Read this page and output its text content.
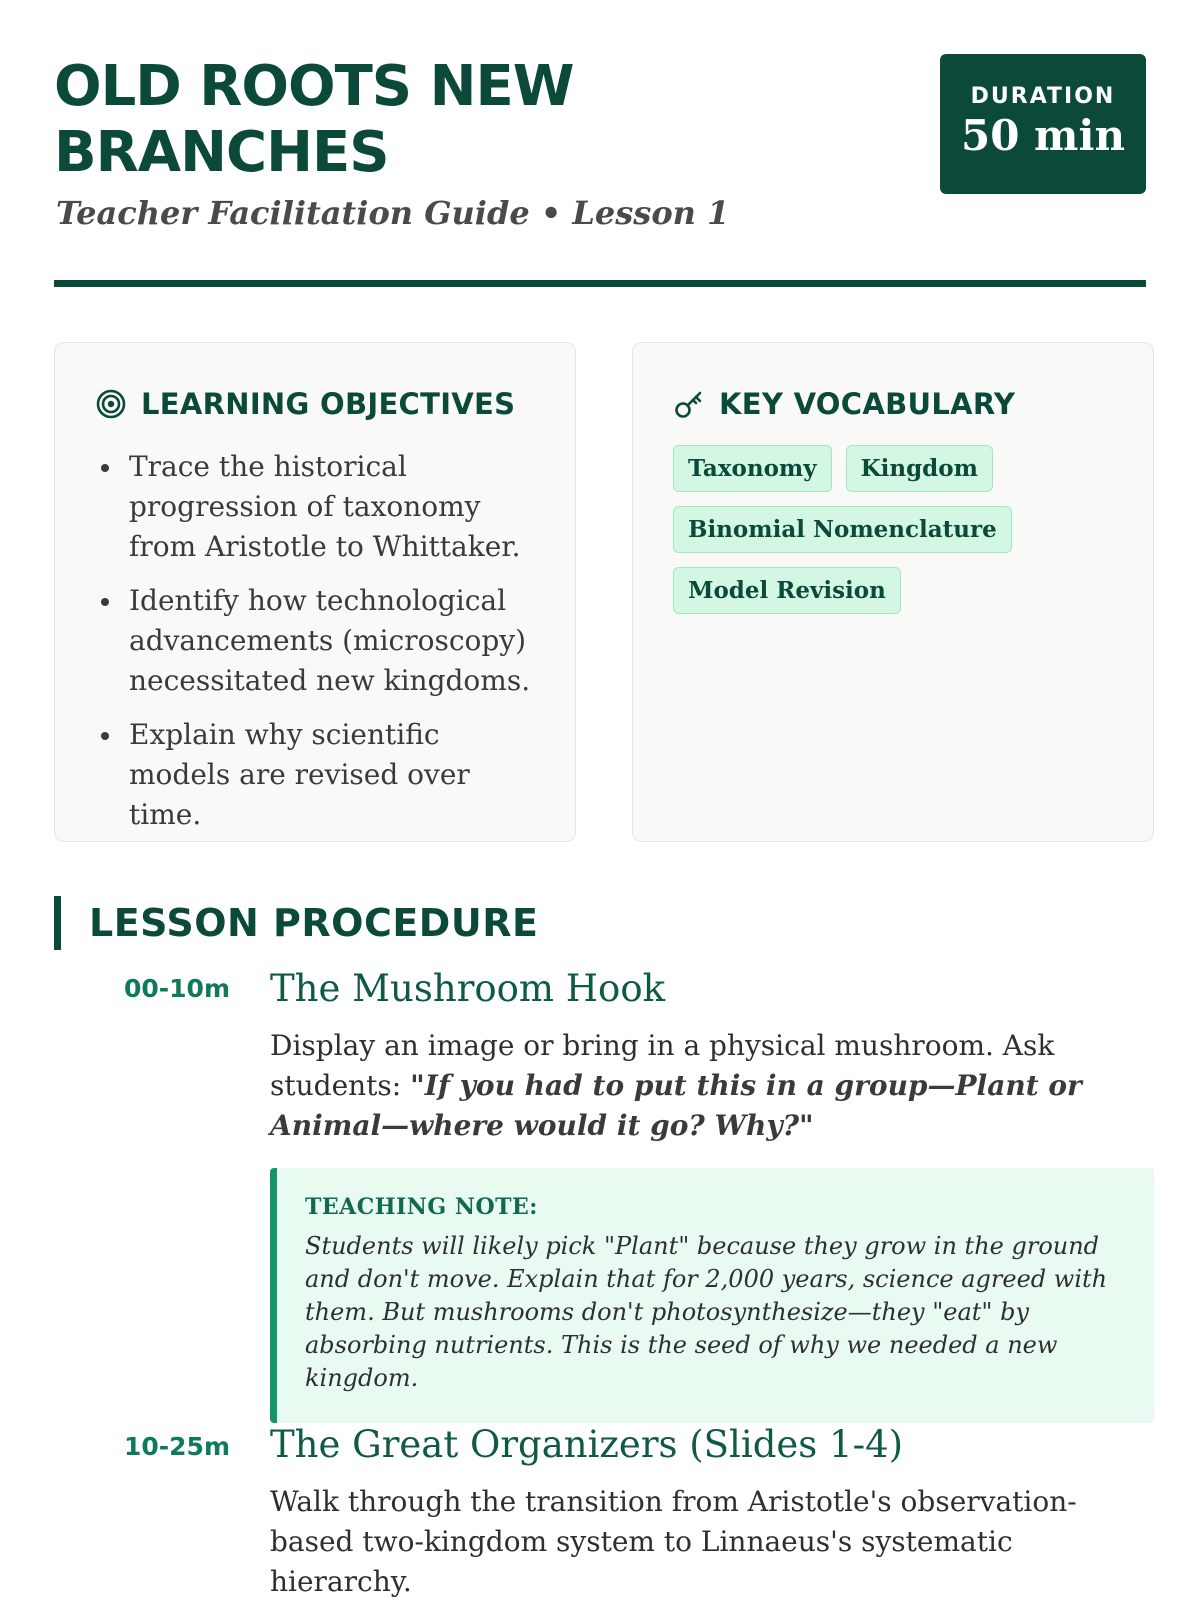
OLD ROOTS NEW BRANCHES
Teacher Facilitation Guide • Lesson 1
DURATION
50 min
LEARNING OBJECTIVES
Trace the historical progression of taxonomy from Aristotle to Whittaker.
Identify how technological advancements (microscopy) necessitated new kingdoms.
Explain why scientific models are revised over time.
KEY VOCABULARY
Taxonomy	Kingdom
Binomial Nomenclature
Model Revision
LESSON PROCEDURE
00-10m The Mushroom Hook

Display an image or bring in a physical mushroom. Ask students: "If you had to put this in a group—Plant or Animal—where would it go? Why?"

TEACHING NOTE:

Students will likely pick "Plant" because they grow in the ground and don't move. Explain that for 2,000 years, science agreed with them. But mushrooms don't photosynthesize—they "eat" by absorbing nutrients. This is the seed of why we needed a new kingdom.

10-25m The Great Organizers (Slides 1-4)

Walk through the transition from Aristotle's observation-based two-kingdom system to Linnaeus's systematic hierarchy.
